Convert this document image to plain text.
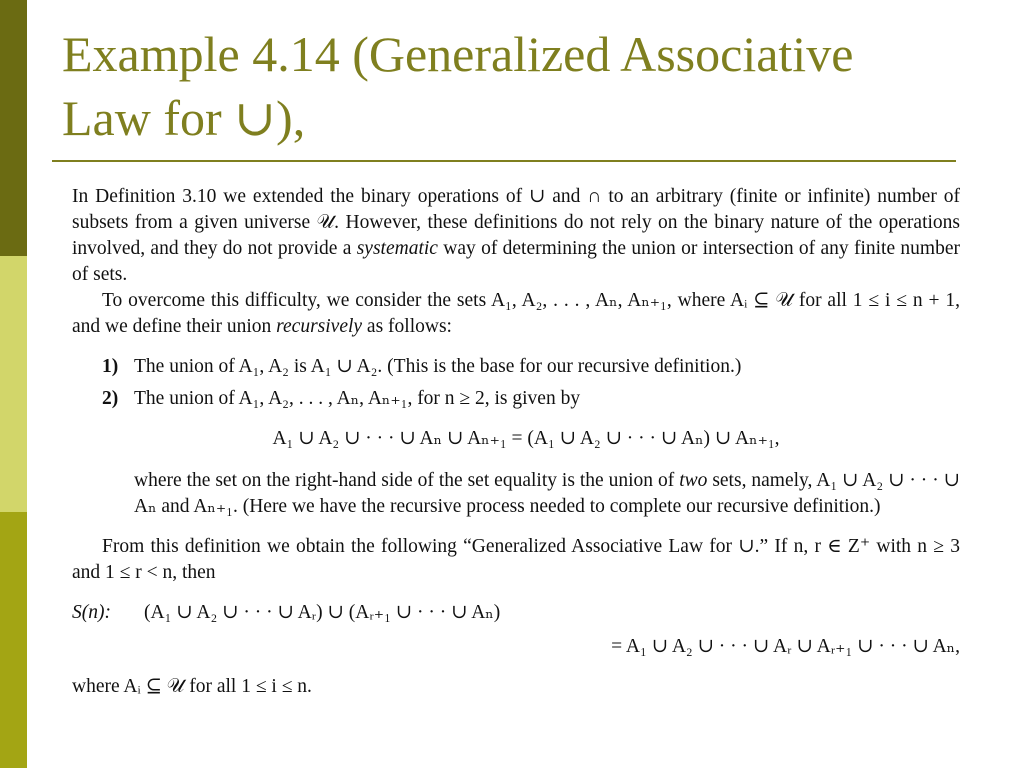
Example 4.14 (Generalized Associative
Law for ∪),

In Definition 3.10 we extended the binary operations of ∪ and ∩ to an arbitrary (finite or infinite) number of subsets from a given universe 𝒰. However, these definitions do not rely on the binary nature of the operations involved, and they do not provide a systematic way of determining the union or intersection of any finite number of sets.

To overcome this difficulty, we consider the sets A₁, A₂, . . . , Aₙ, Aₙ₊₁, where Aᵢ ⊆ 𝒰 for all 1 ≤ i ≤ n + 1, and we define their union recursively as follows:

1) The union of A₁, A₂ is A₁ ∪ A₂. (This is the base for our recursive definition.)

2) The union of A₁, A₂, . . . , Aₙ, Aₙ₊₁, for n ≥ 2, is given by

A₁ ∪ A₂ ∪ · · · ∪ Aₙ ∪ Aₙ₊₁ = (A₁ ∪ A₂ ∪ · · · ∪ Aₙ) ∪ Aₙ₊₁,

where the set on the right-hand side of the set equality is the union of two sets, namely, A₁ ∪ A₂ ∪ · · · ∪ Aₙ and Aₙ₊₁. (Here we have the recursive process needed to complete our recursive definition.)

From this definition we obtain the following “Generalized Associative Law for ∪.” If n, r ∈ Z⁺ with n ≥ 3 and 1 ≤ r < n, then

S(n): (A₁ ∪ A₂ ∪ · · · ∪ Aᵣ) ∪ (Aᵣ₊₁ ∪ · · · ∪ Aₙ)

= A₁ ∪ A₂ ∪ · · · ∪ Aᵣ ∪ Aᵣ₊₁ ∪ · · · ∪ Aₙ,

where Aᵢ ⊆ 𝒰 for all 1 ≤ i ≤ n.
